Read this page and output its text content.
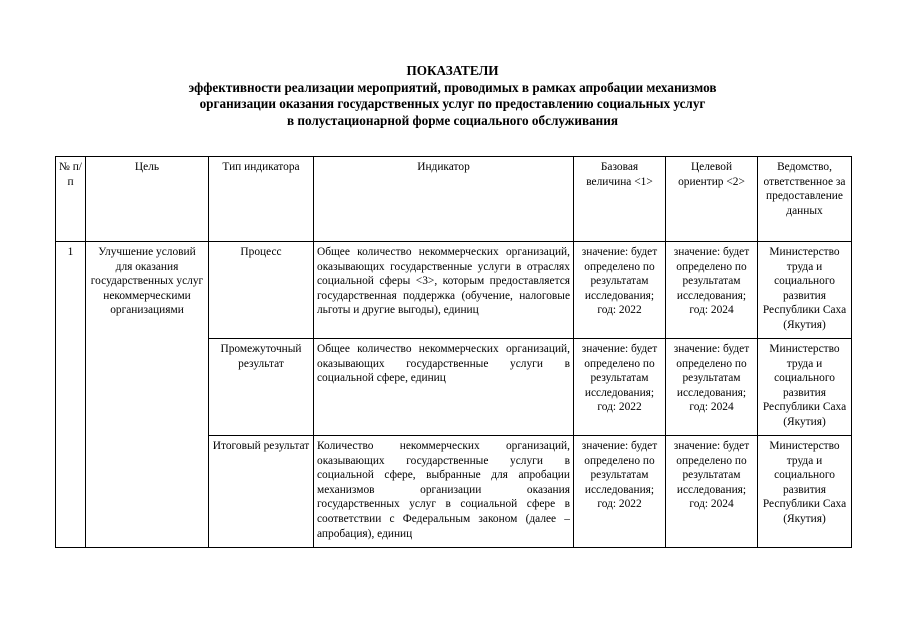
ПОКАЗАТЕЛИ
эффективности реализации мероприятий, проводимых в рамках апробации механизмов
организации оказания государственных услуг по предоставлению социальных услуг
в полустационарной форме социального обслуживания
№ п/п	Цель	Тип индикатора	Индикатор	Базовая величина <1>	Целевой ориентир <2>	Ведомство, ответственное за предоставление данных
1	Улучшение условий для оказания государственных услуг некоммерческими организациями	Процесс	Общее количество некоммерческих организаций, оказывающих государственные услуги в отраслях социальной сферы <3>, которым предоставляется государственная поддержка (обучение, налоговые льготы и другие выгоды), единиц	значение: будет определено по результатам исследования; год: 2022	значение: будет определено по результатам исследования; год: 2024	Министерство труда и социального развития Республики Саха (Якутия)
		Промежуточный результат	Общее количество некоммерческих организаций, оказывающих государственные услуги в социальной сфере, единиц	значение: будет определено по результатам исследования; год: 2022	значение: будет определено по результатам исследования; год: 2024	Министерство труда и социального развития Республики Саха (Якутия)
		Итоговый результат	Количество некоммерческих организаций, оказывающих государственные услуги в социальной сфере, выбранные для апробации механизмов организации оказания государственных услуг в социальной сфере в соответствии с Федеральным законом (далее – апробация), единиц	значение: будет определено по результатам исследования; год: 2022	значение: будет определено по результатам исследования; год: 2024	Министерство труда и социального развития Республики Саха (Якутия)
